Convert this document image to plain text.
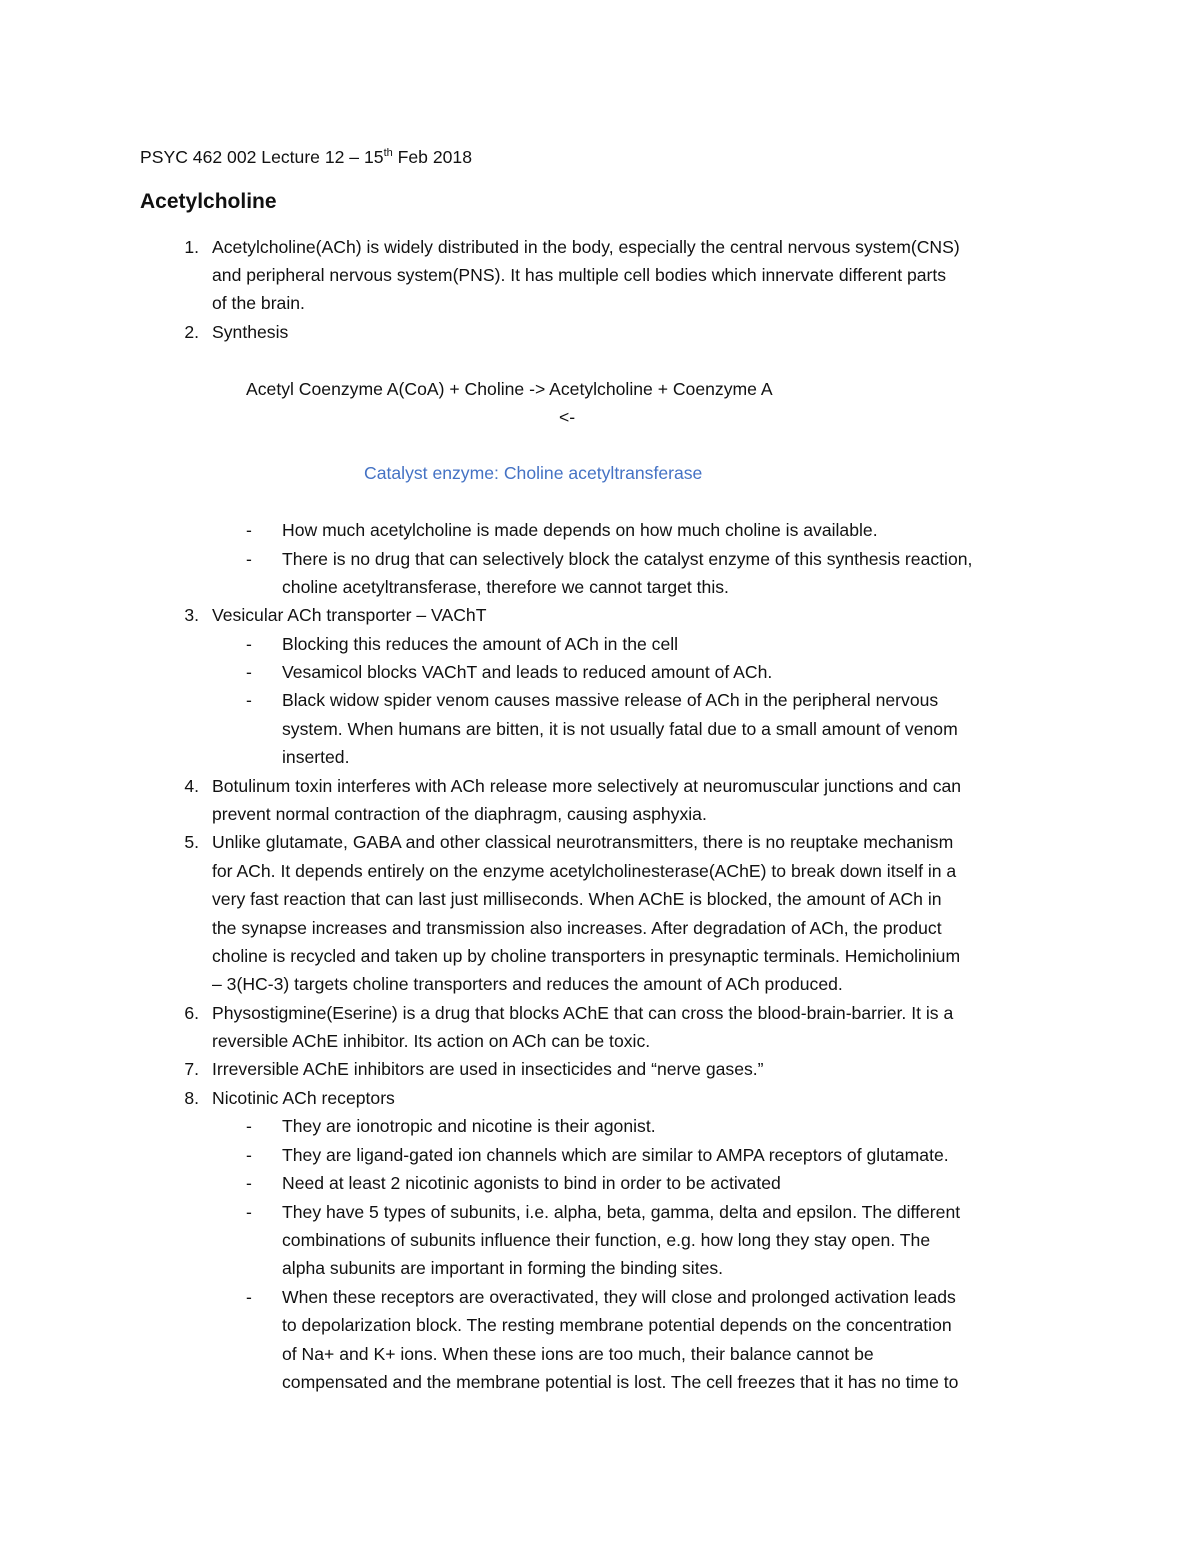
PSYC 462 002 Lecture 12 – 15th Feb 2018
Acetylcholine
1. Acetylcholine(ACh) is widely distributed in the body, especially the central nervous system(CNS)
and peripheral nervous system(PNS). It has multiple cell bodies which innervate different parts
of the brain.
2. Synthesis
Acetyl Coenzyme A(CoA) + Choline -> Acetylcholine + Coenzyme A
<-
Catalyst enzyme: Choline acetyltransferase
- How much acetylcholine is made depends on how much choline is available.
- There is no drug that can selectively block the catalyst enzyme of this synthesis reaction,
choline acetyltransferase, therefore we cannot target this.
3. Vesicular ACh transporter – VAChT
- Blocking this reduces the amount of ACh in the cell
- Vesamicol blocks VAChT and leads to reduced amount of ACh.
- Black widow spider venom causes massive release of ACh in the peripheral nervous
system. When humans are bitten, it is not usually fatal due to a small amount of venom
inserted.
4. Botulinum toxin interferes with ACh release more selectively at neuromuscular junctions and can
prevent normal contraction of the diaphragm, causing asphyxia.
5. Unlike glutamate, GABA and other classical neurotransmitters, there is no reuptake mechanism
for ACh. It depends entirely on the enzyme acetylcholinesterase(AChE) to break down itself in a
very fast reaction that can last just milliseconds. When AChE is blocked, the amount of ACh in
the synapse increases and transmission also increases. After degradation of ACh, the product
choline is recycled and taken up by choline transporters in presynaptic terminals. Hemicholinium
– 3(HC-3) targets choline transporters and reduces the amount of ACh produced.
6. Physostigmine(Eserine) is a drug that blocks AChE that can cross the blood-brain-barrier. It is a
reversible AChE inhibitor. Its action on ACh can be toxic.
7. Irreversible AChE inhibitors are used in insecticides and “nerve gases.”
8. Nicotinic ACh receptors
- They are ionotropic and nicotine is their agonist.
- They are ligand-gated ion channels which are similar to AMPA receptors of glutamate.
- Need at least 2 nicotinic agonists to bind in order to be activated
- They have 5 types of subunits, i.e. alpha, beta, gamma, delta and epsilon. The different
combinations of subunits influence their function, e.g. how long they stay open. The
alpha subunits are important in forming the binding sites.
- When these receptors are overactivated, they will close and prolonged activation leads
to depolarization block. The resting membrane potential depends on the concentration
of Na+ and K+ ions. When these ions are too much, their balance cannot be
compensated and the membrane potential is lost. The cell freezes that it has no time to
